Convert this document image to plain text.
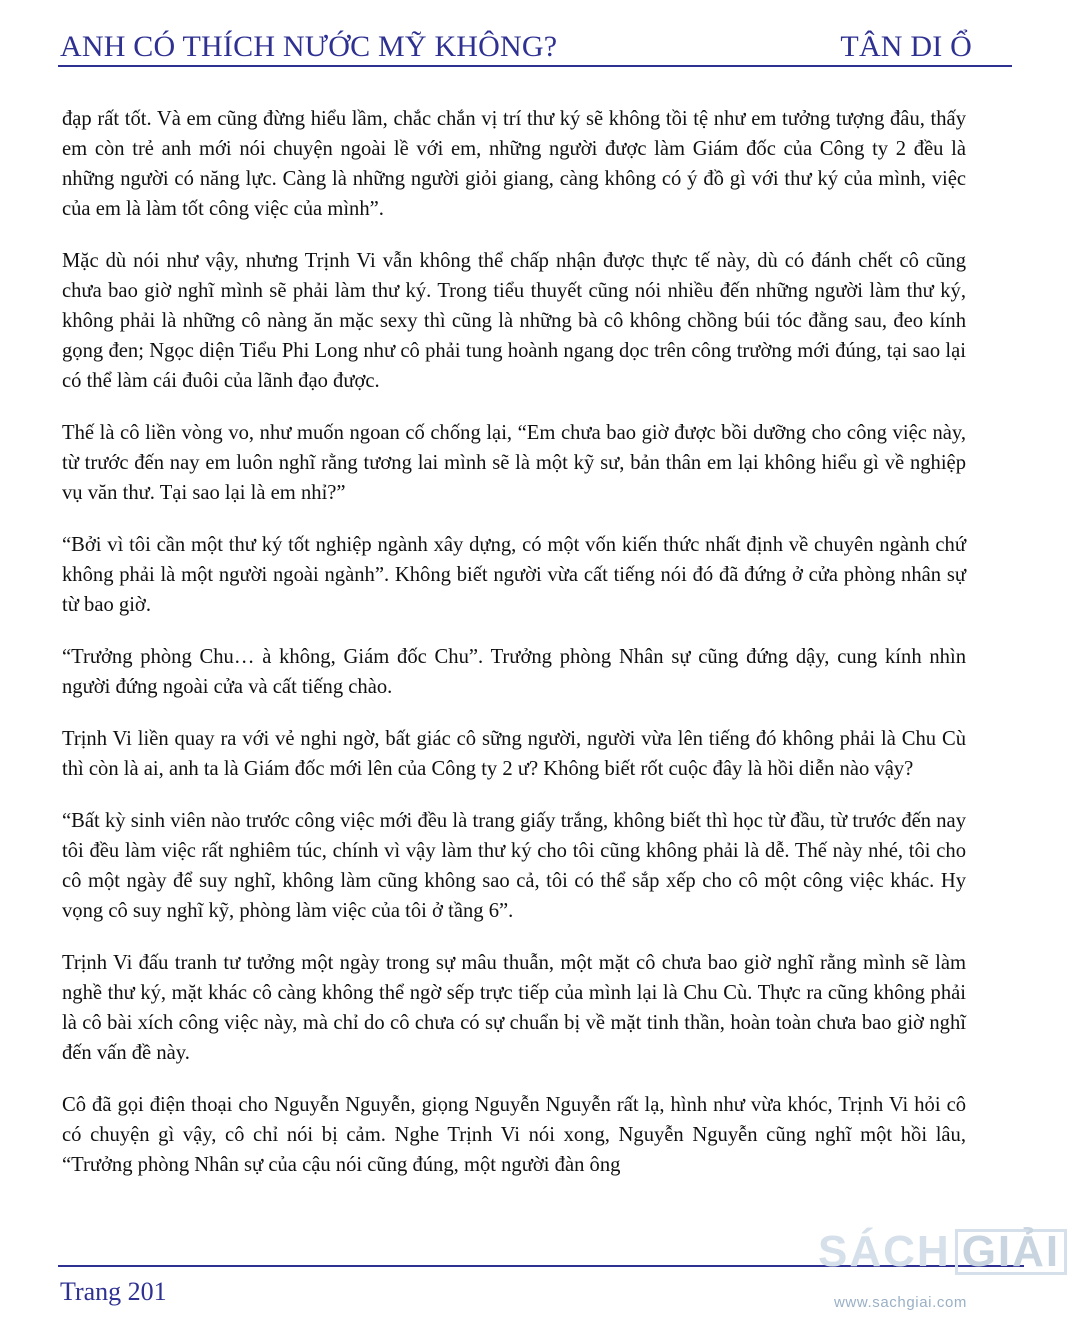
ANH CÓ THÍCH NƯỚC MỸ KHÔNG?	TÂN DI Ổ

đạp rất tốt. Và em cũng đừng hiểu lầm, chắc chắn vị trí thư ký sẽ không tồi tệ như em tưởng tượng đâu, thấy em còn trẻ anh mới nói chuyện ngoài lề với em, những người được làm Giám đốc của Công ty 2 đều là những người có năng lực. Càng là những người giỏi giang, càng không có ý đồ gì với thư ký của mình, việc của em là làm tốt công việc của mình”.

Mặc dù nói như vậy, nhưng Trịnh Vi vẫn không thể chấp nhận được thực tế này, dù có đánh chết cô cũng chưa bao giờ nghĩ mình sẽ phải làm thư ký. Trong tiểu thuyết cũng nói nhiều đến những người làm thư ký, không phải là những cô nàng ăn mặc sexy thì cũng là những bà cô không chồng búi tóc đằng sau, đeo kính gọng đen; Ngọc diện Tiểu Phi Long như cô phải tung hoành ngang dọc trên công trường mới đúng, tại sao lại có thể làm cái đuôi của lãnh đạo được.

Thế là cô liền vòng vo, như muốn ngoan cố chống lại, “Em chưa bao giờ được bồi dưỡng cho công việc này, từ trước đến nay em luôn nghĩ rằng tương lai mình sẽ là một kỹ sư, bản thân em lại không hiểu gì về nghiệp vụ văn thư. Tại sao lại là em nhỉ?”

“Bởi vì tôi cần một thư ký tốt nghiệp ngành xây dựng, có một vốn kiến thức nhất định về chuyên ngành chứ không phải là một người ngoài ngành”. Không biết người vừa cất tiếng nói đó đã đứng ở cửa phòng nhân sự từ bao giờ.

“Trưởng phòng Chu… à không, Giám đốc Chu”. Trưởng phòng Nhân sự cũng đứng dậy, cung kính nhìn người đứng ngoài cửa và cất tiếng chào.

Trịnh Vi liền quay ra với vẻ nghi ngờ, bất giác cô sững người, người vừa lên tiếng đó không phải là Chu Cù thì còn là ai, anh ta là Giám đốc mới lên của Công ty 2 ư? Không biết rốt cuộc đây là hồi diễn nào vậy?

“Bất kỳ sinh viên nào trước công việc mới đều là trang giấy trắng, không biết thì học từ đầu, từ trước đến nay tôi đều làm việc rất nghiêm túc, chính vì vậy làm thư ký cho tôi cũng không phải là dễ. Thế này nhé, tôi cho cô một ngày để suy nghĩ, không làm cũng không sao cả, tôi có thể sắp xếp cho cô một công việc khác. Hy vọng cô suy nghĩ kỹ, phòng làm việc của tôi ở tầng 6”.

Trịnh Vi đấu tranh tư tưởng một ngày trong sự mâu thuẫn, một mặt cô chưa bao giờ nghĩ rằng mình sẽ làm nghề thư ký, mặt khác cô càng không thể ngờ sếp trực tiếp của mình lại là Chu Cù. Thực ra cũng không phải là cô bài xích công việc này, mà chỉ do cô chưa có sự chuẩn bị về mặt tinh thần, hoàn toàn chưa bao giờ nghĩ đến vấn đề này.

Cô đã gọi điện thoại cho Nguyễn Nguyễn, giọng Nguyễn Nguyễn rất lạ, hình như vừa khóc, Trịnh Vi hỏi cô có chuyện gì vậy, cô chỉ nói bị cảm. Nghe Trịnh Vi nói xong, Nguyễn Nguyễn cũng nghĩ một hồi lâu, “Trưởng phòng Nhân sự của cậu nói cũng đúng, một người đàn ông

Trang 201
SÁCH GIẢI
www.sachgiai.com
